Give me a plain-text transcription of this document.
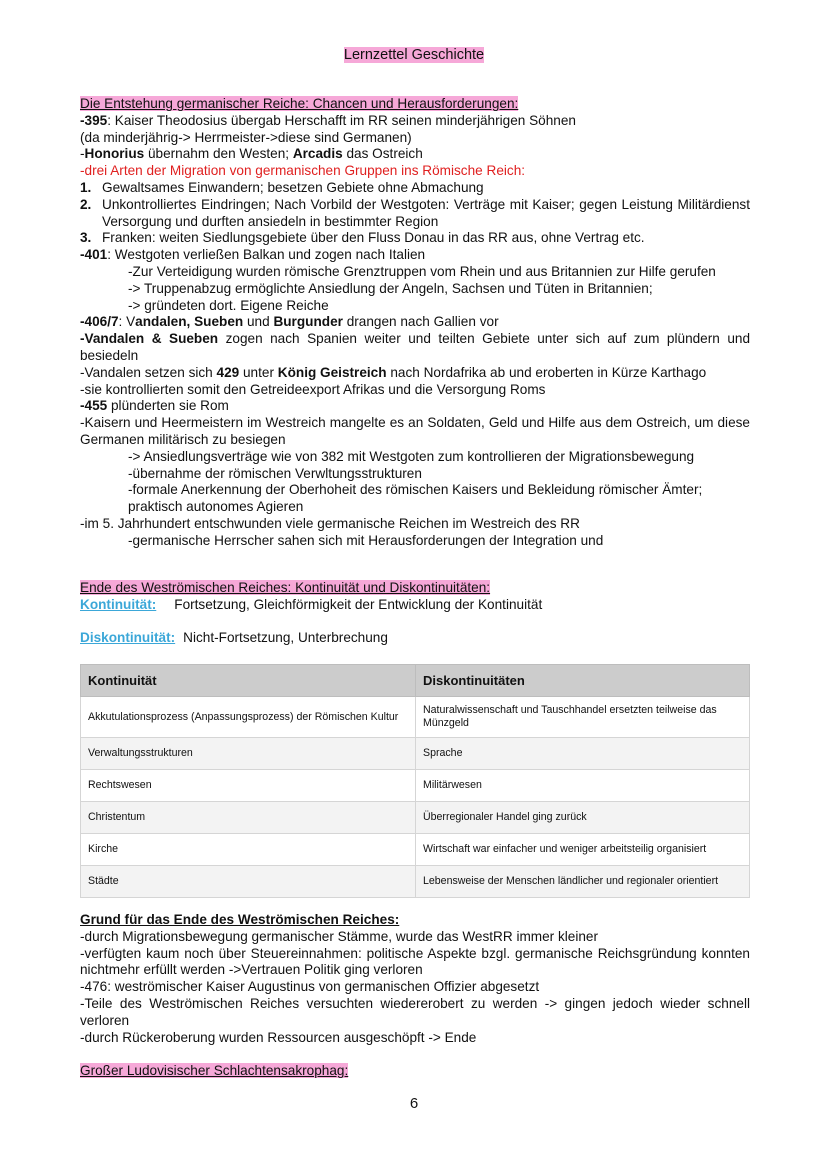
Lernzettel Geschichte
Die Entstehung germanischer Reiche: Chancen und Herausforderungen:
-395: Kaiser Theodosius übergab Herschafft im RR seinen minderjährigen Söhnen
(da minderjährig-> Herrmeister->diese sind Germanen)
-Honorius übernahm den Westen; Arcadis das Ostreich
-drei Arten der Migration von germanischen Gruppen ins Römische Reich:
1. Gewaltsames Einwandern; besetzen Gebiete ohne Abmachung
2. Unkontrolliertes Eindringen; Nach Vorbild der Westgoten: Verträge mit Kaiser; gegen Leistung Militärdienst Versorgung und durften ansiedeln in bestimmter Region
3. Franken: weiten Siedlungsgebiete über den Fluss Donau in das RR aus, ohne Vertrag etc.
-401: Westgoten verließen Balkan und zogen nach Italien
-Zur Verteidigung wurden römische Grenztruppen vom Rhein und aus Britannien zur Hilfe gerufen
-> Truppenabzug ermöglichte Ansiedlung der Angeln, Sachsen und Tüten in Britannien;
-> gründeten dort. Eigene Reiche
-406/7: Vandalen, Sueben und Burgunder drangen nach Gallien vor
-Vandalen & Sueben zogen nach Spanien weiter und teilten Gebiete unter sich auf zum plündern und besiedeln
-Vandalen setzen sich 429 unter König Geistreich nach Nordafrika ab und eroberten in Kürze Karthago
-sie kontrollierten somit den Getreideexport Afrikas und die Versorgung Roms
-455 plünderten sie Rom
-Kaisern und Heermeistern im Westreich mangelte es an Soldaten, Geld und Hilfe aus dem Ostreich, um diese Germanen militärisch zu besiegen
-> Ansiedlungsverträge wie von 382 mit Westgoten zum kontrollieren der Migrationsbewegung
-übernahme der römischen Verwltungsstrukturen
-formale Anerkennung der Oberhoheit des römischen Kaisers und Bekleidung römischer Ämter; praktisch autonomes Agieren
-im 5. Jahrhundert entschwunden viele germanische Reichen im Westreich des RR
-germanische Herrscher sahen sich mit Herausforderungen der Integration und
Ende des Weströmischen Reiches: Kontinuität und Diskontinuitäten:
Kontinuität: Fortsetzung, Gleichförmigkeit der Entwicklung der Kontinuität
Diskontinuität: Nicht-Fortsetzung, Unterbrechung
Kontinuität	Diskontinuitäten
Akkutulationsprozess (Anpassungsprozess) der Römischen Kultur	Naturalwissenschaft und Tauschhandel ersetzten teilweise das Münzgeld
Verwaltungsstrukturen	Sprache
Rechtswesen	Militärwesen
Christentum	Überregionaler Handel ging zurück
Kirche	Wirtschaft war einfacher und weniger arbeitsteilig organisiert
Städte	Lebensweise der Menschen ländlicher und regionaler orientiert
Grund für das Ende des Weströmischen Reiches:
-durch Migrationsbewegung germanischer Stämme, wurde das WestRR immer kleiner
-verfügten kaum noch über Steuereinnahmen: politische Aspekte bzgl. germanische Reichsgründung konnten nichtmehr erfüllt werden ->Vertrauen Politik ging verloren
-476: weströmischer Kaiser Augustinus von germanischen Offizier abgesetzt
-Teile des Weströmischen Reiches versuchten wiedererobert zu werden -> gingen jedoch wieder schnell verloren
-durch Rückeroberung wurden Ressourcen ausgeschöpft -> Ende
Großer Ludovisischer Schlachtensakrophag:
6
